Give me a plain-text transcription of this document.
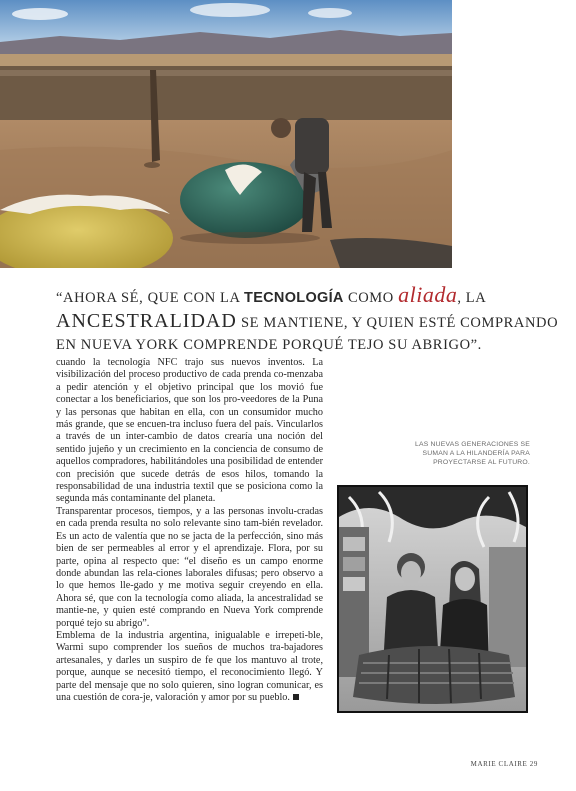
“AHORA SÉ, QUE CON LA TECNOLOGÍA COMO aliada, LA
ANCESTRALIDAD SE MANTIENE, Y QUIEN ESTÉ COMPRANDO
EN NUEVA YORK COMPRENDE PORQUÉ TEJO SU ABRIGO”.

cuando la tecnología NFC trajo sus nuevos inventos. La visibilización del proceso productivo de cada prenda co-menzaba a pedir atención y el objetivo principal que los movió fue conectar a los beneficiarios, que son los pro-veedores de la Puna y las personas que habitan en ella, con un consumidor mucho más grande, que se encuen-tra incluso fuera del país. Vincularlos a través de un inter-cambio de datos crearía una noción del sentido jujeño y un crecimiento en la conciencia de consumo de aquellos compradores, habilitándoles una posibilidad de entender con precisión que sucede detrás de esos hilos, tomando la responsabilidad de una industria textil que se posiciona como la segunda más contaminante del planeta.

Transparentar procesos, tiempos, y a las personas involu-cradas en cada prenda resulta no solo relevante sino tam-bién revelador. Es un acto de valentía que no se jacta de la perfección, sino más bien de ser permeables al error y el aprendizaje. Flora, por su parte, opina al respecto que: “el diseño es un campo enorme donde abundan las rela-ciones laborales difusas; pero observo a lo que hemos lle-gado y me motiva seguir creyendo en ella. Ahora sé, que con la tecnología como aliada, la ancestralidad se mantie-ne, y quien esté comprando en Nueva York comprende porqué tejo su abrigo”.

Emblema de la industria argentina, inigualable e irrepeti-ble, Warmi supo comprender los sueños de muchos tra-bajadores artesanales, y darles un suspiro de fe que los mantuvo al trote, porque, aunque se necesitó tiempo, el reconocimiento llegó. Y parte del mensaje que no solo quieren, sino logran comunicar, es una cuestión de cora-je, valoración y amor por su pueblo.

LAS NUEVAS GENERACIONES SE
SUMAN A LA HILANDERÍA PARA
PROYECTARSE AL FUTURO.
MARIE CLAIRE 29
